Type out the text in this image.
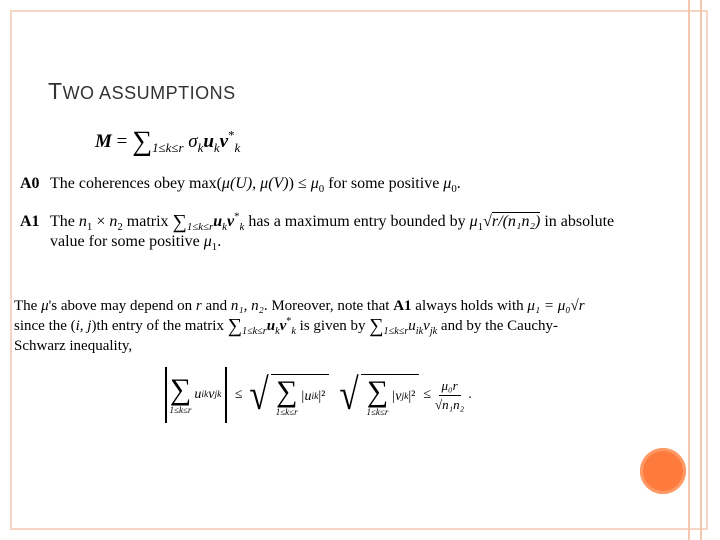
TWO ASSUMPTIONS
$M = \sum_{1\le k\le r}$ $\sigma_ku_kv^*_k$
A0 The coherences obey max(μ(U), $\mu(V)) \le \mu_0$ for some positive $\mu_0$.
A1 The $n_1 \times n_2$ matrix $\sum_{1\le k\le r}u_kv^*_k$ has a maximum entry bounded by $\mu_1√r/(n_1n_2)$ in absolute
value for some positive $\mu_1$.
The μ's above may depend on r and n₁, n₂. Moreover, note that A1 always holds with μ₁ = μ₀√r
since the (i, j)th entry of the matrix $\sum_{1\le k\le r}u_kv^*_k$ is given by $\sum_{1\le k\le r}u_{ik}v_{jk}$ and by the Cauchy-
Schwarz inequality,
∑
1≤k≤r
u ik v jk ≤ √ ∑
1≤k≤r
|u ik |² √ ∑
1≤k≤r
|v jk $|^2 \le \frac{\text{μ₀r}}{\text{√n₁n₂}}$ .
